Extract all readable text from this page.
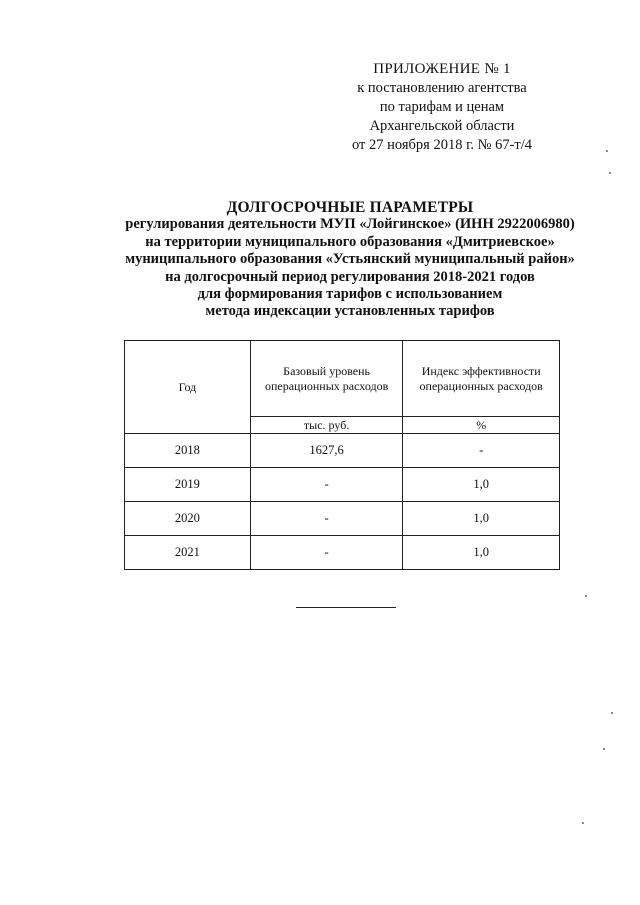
ПРИЛОЖЕНИЕ № 1
к постановлению агентства
по тарифам и ценам
Архангельской области
от 27 ноября 2018 г. № 67-т/4
ДОЛГОСРОЧНЫЕ ПАРАМЕТРЫ
регулирования деятельности МУП «Лойгинское» (ИНН 2922006980)
на территории муниципального образования «Дмитриевское»
муниципального образования «Устьянский муниципальный район»
на долгосрочный период регулирования 2018-2021 годов
для формирования тарифов с использованием
метода индексации установленных тарифов
Год	Базовый уровень операционных расходов	Индекс эффективности операционных расходов
	тыс. руб.	%
2018	1627,6	-
2019	-	1,0
2020	-	1,0
2021	-	1,0
